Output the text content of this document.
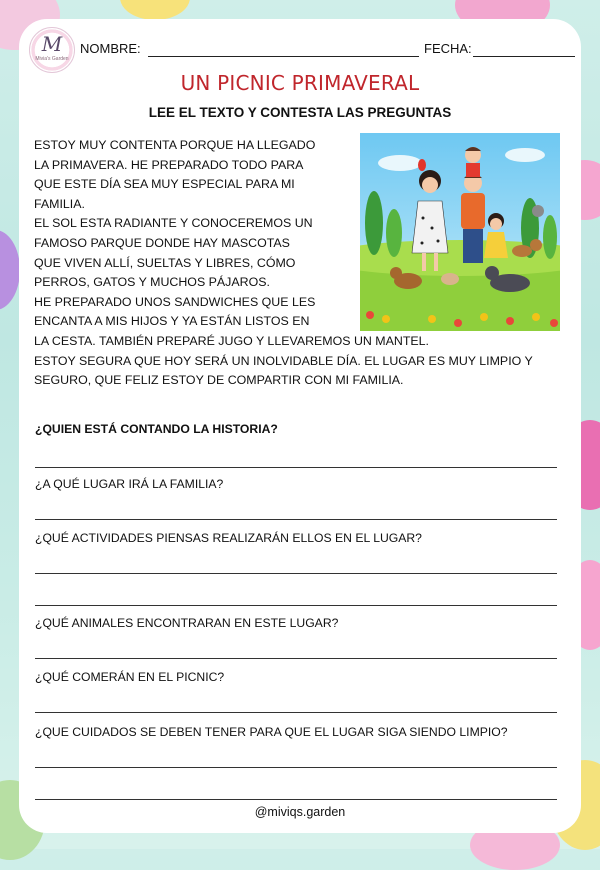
M
Mivia's Garden
NOMBRE:	FECHA:
UN PICNIC PRIMAVERAL
LEE EL TEXTO Y CONTESTA LAS PREGUNTAS
ESTOY MUY CONTENTA PORQUE HA LLEGADO
LA PRIMAVERA. HE PREPARADO TODO PARA
QUE ESTE DÍA SEA MUY ESPECIAL PARA MI
FAMILIA.
EL SOL ESTA RADIANTE Y CONOCEREMOS UN
FAMOSO PARQUE DONDE HAY MASCOTAS
QUE VIVEN ALLÍ, SUELTAS Y LIBRES, CÓMO
PERROS, GATOS Y MUCHOS PÁJAROS.
HE PREPARADO UNOS SANDWICHES QUE LES
ENCANTA A MIS HIJOS Y YA ESTÁN LISTOS EN
LA CESTA. TAMBIÉN PREPARÉ JUGO Y LLEVAREMOS UN MANTEL.
ESTOY SEGURA QUE HOY SERÁ UN INOLVIDABLE DÍA. EL LUGAR ES MUY LIMPIO Y
SEGURO, QUE FELIZ ESTOY DE COMPARTIR CON MI FAMILIA.
¿QUIEN ESTÁ CONTANDO LA HISTORIA?
¿A QUÉ LUGAR IRÁ LA FAMILIA?
¿QUÉ ACTIVIDADES PIENSAS REALIZARÁN ELLOS EN EL LUGAR?
¿QUÉ ANIMALES ENCONTRARAN EN ESTE LUGAR?
¿QUÉ COMERÁN EN EL PICNIC?
¿QUE CUIDADOS SE DEBEN TENER PARA QUE EL LUGAR SIGA SIENDO LIMPIO?
@miviqs.garden
